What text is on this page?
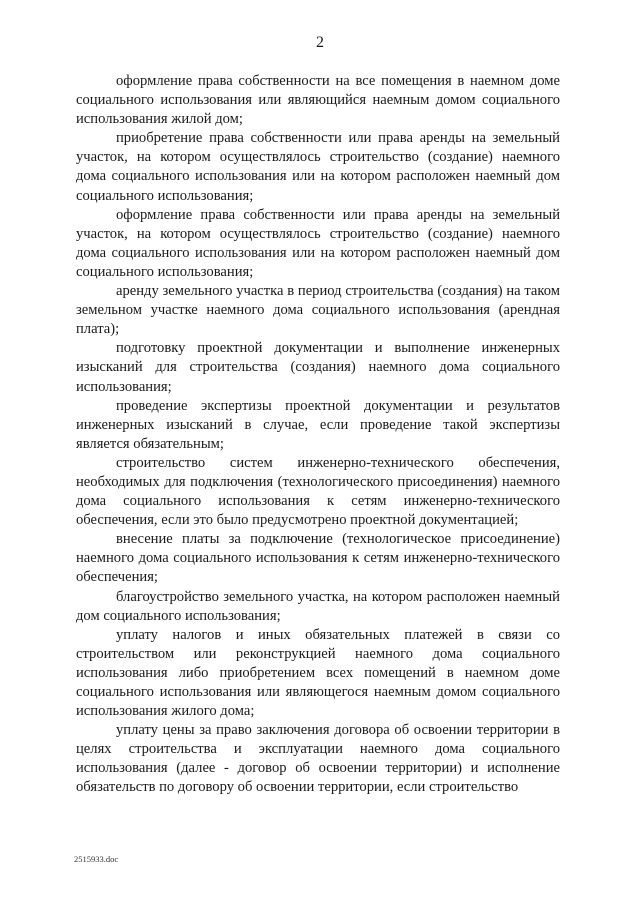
2

оформление права собственности на все помещения в наемном доме социального использования или являющийся наемным домом социального использования жилой дом;

приобретение права собственности или права аренды на земельный участок, на котором осуществлялось строительство (создание) наемного дома социального использования или на котором расположен наемный дом социального использования;

оформление права собственности или права аренды на земельный участок, на котором осуществлялось строительство (создание) наемного дома социального использования или на котором расположен наемный дом социального использования;

аренду земельного участка в период строительства (создания) на таком земельном участке наемного дома социального использования (арендная плата);

подготовку проектной документации и выполнение инженерных изысканий для строительства (создания) наемного дома социального использования;

проведение экспертизы проектной документации и результатов инженерных изысканий в случае, если проведение такой экспертизы является обязательным;

строительство систем инженерно-технического обеспечения, необходимых для подключения (технологического присоединения) наемного дома социального использования к сетям инженерно-технического обеспечения, если это было предусмотрено проектной документацией;

внесение платы за подключение (технологическое присоединение) наемного дома социального использования к сетям инженерно-технического обеспечения;

благоустройство земельного участка, на котором расположен наемный дом социального использования;

уплату налогов и иных обязательных платежей в связи со строительством или реконструкцией наемного дома социального использования либо приобретением всех помещений в наемном доме социального использования или являющегося наемным домом социального использования жилого дома;

уплату цены за право заключения договора об освоении территории в целях строительства и эксплуатации наемного дома социального использования (далее - договор об освоении территории) и исполнение обязательств по договору об освоении территории, если строительство

2515933.doc
